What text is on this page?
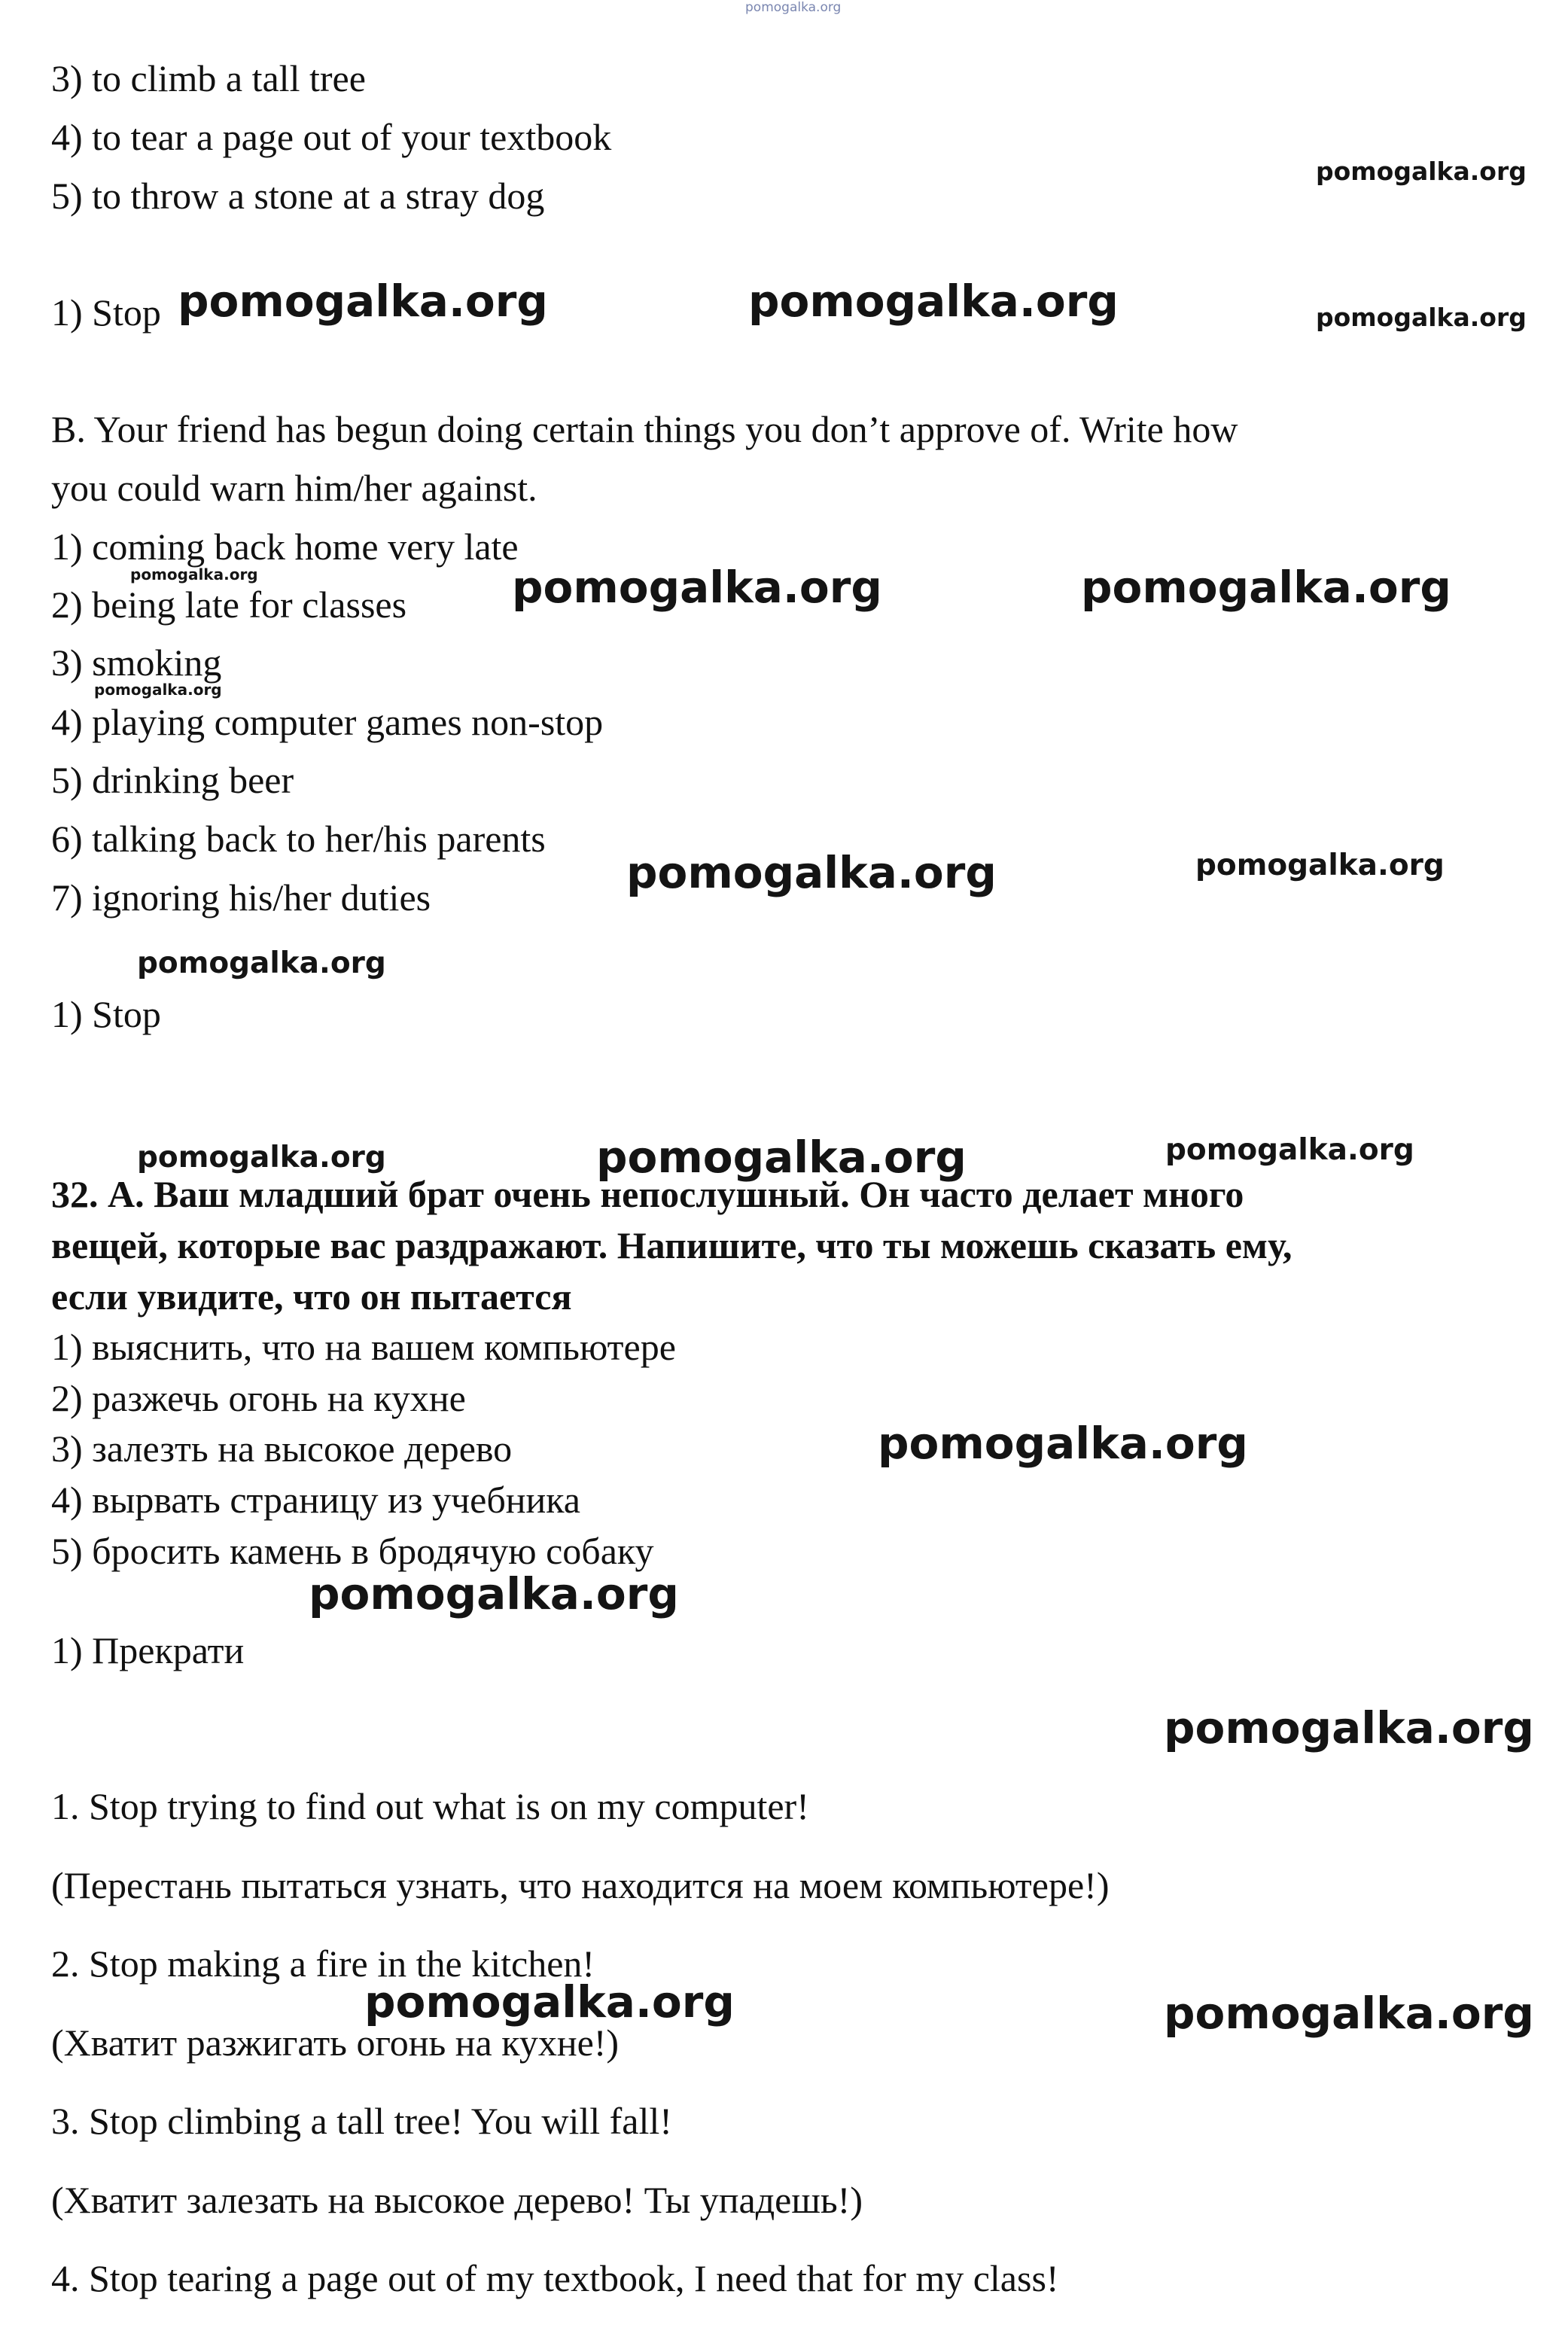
pomogalka.org
3) to climb a tall tree
4) to tear a page out of your textbook
5) to throw a stone at a stray dog
1) Stop
B. Your friend has begun doing certain things you don’t approve of. Write how
you could warn him/her against.
1) coming back home very late
2) being late for classes
3) smoking
4) playing computer games non-stop
5) drinking beer
6) talking back to her/his parents
7) ignoring his/her duties
1) Stop
32. А. Ваш младший брат очень непослушный. Он часто делает много
вещей, которые вас раздражают. Напишите, что ты можешь сказать ему,
если увидите, что он пытается
1) выяснить, что на вашем компьютере
2) разжечь огонь на кухне
3) залезть на высокое дерево
4) вырвать страницу из учебника
5) бросить камень в бродячую собаку
1) Прекрати
1. Stop trying to find out what is on my computer!
(Перестань пытаться узнать, что находится на моем компьютере!)
2. Stop making a fire in the kitchen!
(Хватит разжигать огонь на кухне!)
3. Stop climbing a tall tree! You will fall!
(Хватит залезать на высокое дерево! Ты упадешь!)
4. Stop tearing a page out of my textbook, I need that for my class!
pomogalka.org
pomogalka.org	pomogalka.org	pomogalka.org
pomogalka.org	pomogalka.org	pomogalka.org
pomogalka.org
pomogalka.org	pomogalka.org
pomogalka.org
pomogalka.org	pomogalka.org	pomogalka.org
pomogalka.org
pomogalka.org
pomogalka.org
pomogalka.org	pomogalka.org
